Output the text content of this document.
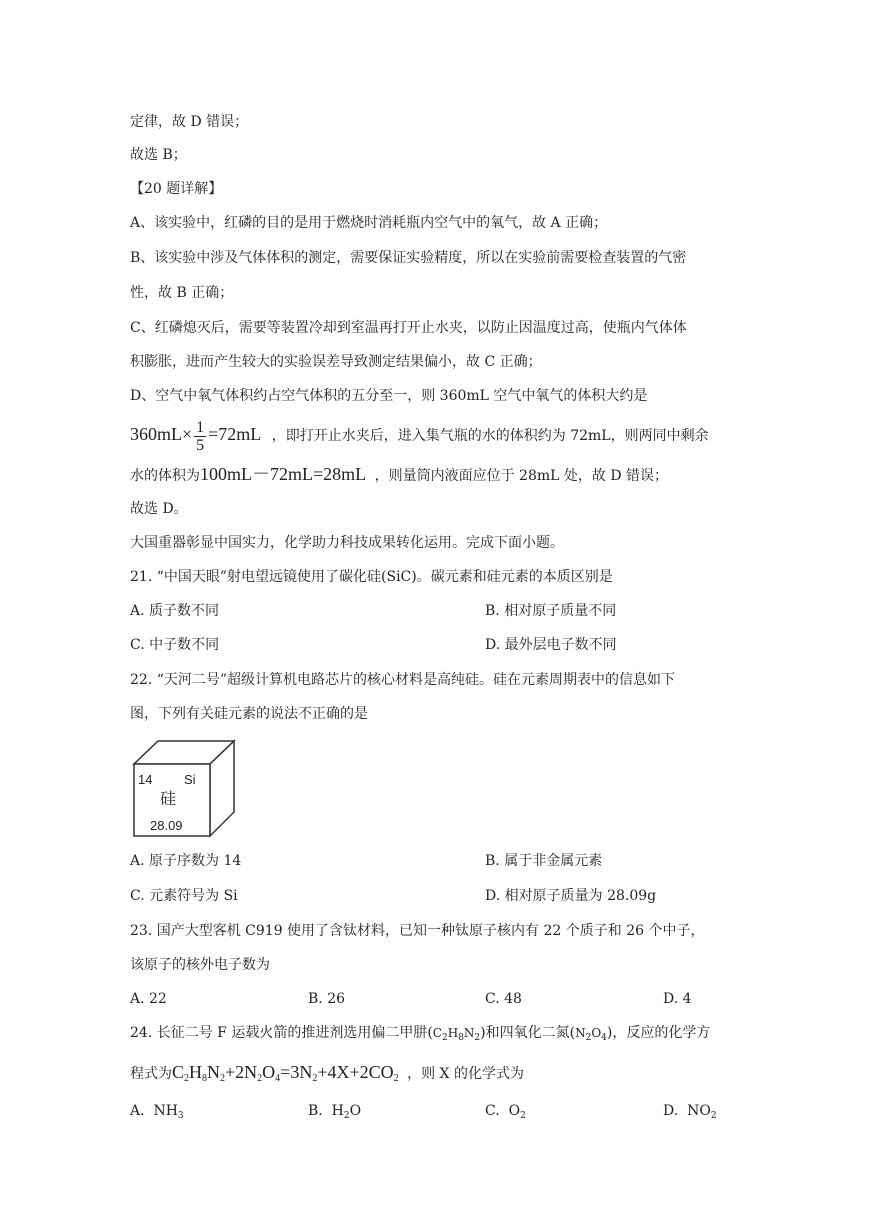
定律，故 D 错误；
故选 B；
【20 题详解】
A、该实验中，红磷的目的是用于燃烧时消耗瓶内空气中的氧气，故 A 正确；
B、该实验中涉及气体体积的测定，需要保证实验精度，所以在实验前需要检查装置的气密
性，故 B 正确；
C、红磷熄灭后，需要等装置冷却到室温再打开止水夹，以防止因温度过高，使瓶内气体体
积膨胀，进而产生较大的实验误差导致测定结果偏小，故 C 正确；
D、空气中氧气体积约占空气体积的五分至一，则 360mL 空气中氧气的体积大约是
$360mL\times \frac{1}{5} =72mL$ ，即打开止水夹后，进入集气瓶的水的体积约为 72mL，则两同中剩余
水的体积为100mL－72mL=28mL ，则量筒内液面应位于 28mL 处，故 D 错误；
故选 D。
大国重器彰显中国实力，化学助力科技成果转化运用。完成下面小题。
21. “中国天眼”射电望远镜使用了碳化硅(SiC)。碳元素和硅元素的本质区别是
A. 质子数不同	B. 相对原子质量不同
C. 中子数不同	D. 最外层电子数不同
22. “天河二号”超级计算机电路芯片的核心材料是高纯硅。硅在元素周期表中的信息如下
图，下列有关硅元素的说法不正确的是
14 Si
硅
28.09
A. 原子序数为 14	B. 属于非金属元素
C. 元素符号为 Si	D. 相对原子质量为 28.09g
23. 国产大型客机 C919 使用了含钛材料，已知一种钛原子核内有 22 个质子和 26 个中子，
该原子的核外电子数为
A. 22	B. 26	C. 48	D. 4
24. 长征二号 F 运载火箭的推进剂选用偏二甲肼$(C_2H_8N_2)$和四氧化二氮$(N_2O_4)$，反应的化学方
程式为$C_2H_8N_2+2N_2O_4=3N_2+4X+2CO_2$ ，则 X 的化学式为
A.  $NH_3$	B.  $H_2O$	C.  $O_2$	D.  $NO_2$
